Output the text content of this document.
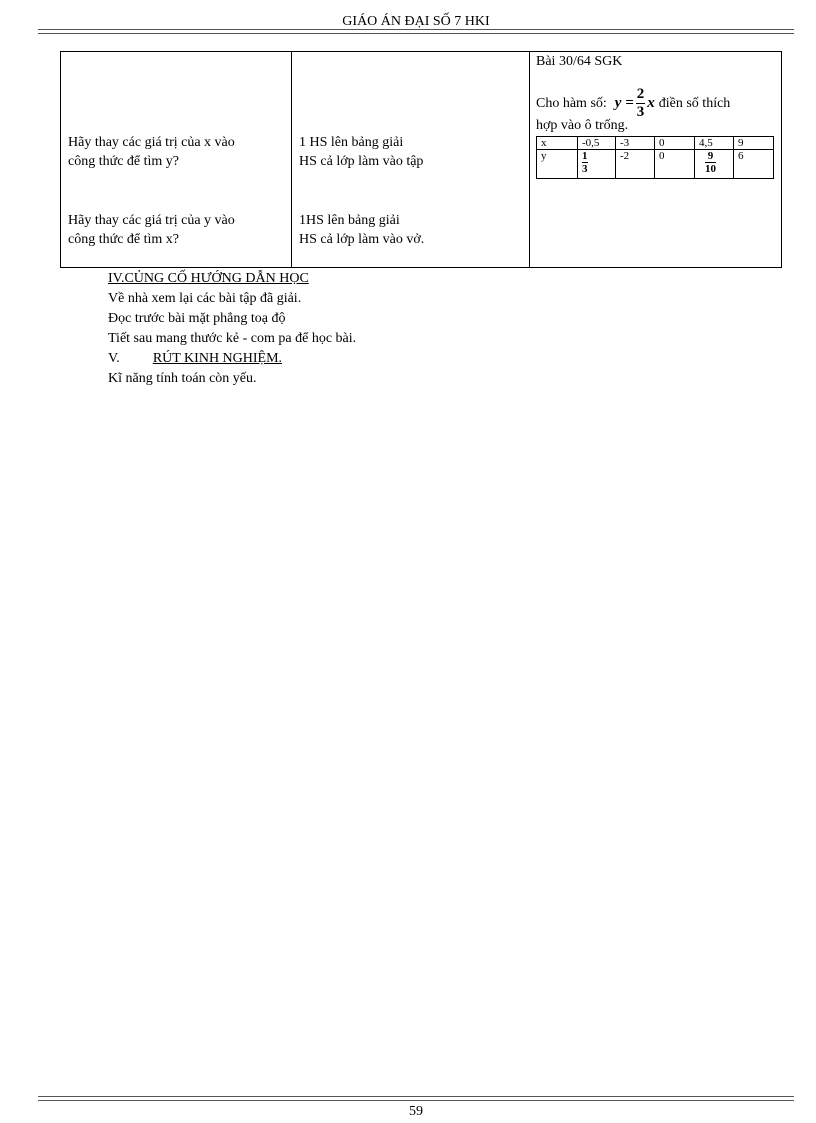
GIÁO ÁN ĐẠI SỐ 7 HKI
Hãy thay các giá trị của x vào
công thức để tìm y?
Hãy thay các giá trị của y vào
công thức để tìm x?

1 HS lên bảng giải
HS cả lớp làm vào tập
1HS lên bảng giải
HS cả lớp làm vào vở.

Bài 30/64 SGK
Cho hàm số: $y = \frac{2}{3}$ x điền số thích
hợp vào ô trống.
x	-0,5	-3	0	4,5	9
y	$\frac{1}{3}$	-2	0	$\frac{9}{10}$	6
IV.CỦNG CỐ HƯỚNG DẪN HỌC
Về nhà xem lại các bài tập đã giải.
Đọc trước bài mặt phẳng toạ độ
Tiết sau mang thước kẻ - com pa để học bài.
V. RÚT KINH NGHIỆM.
Kĩ năng tính toán còn yếu.
59
